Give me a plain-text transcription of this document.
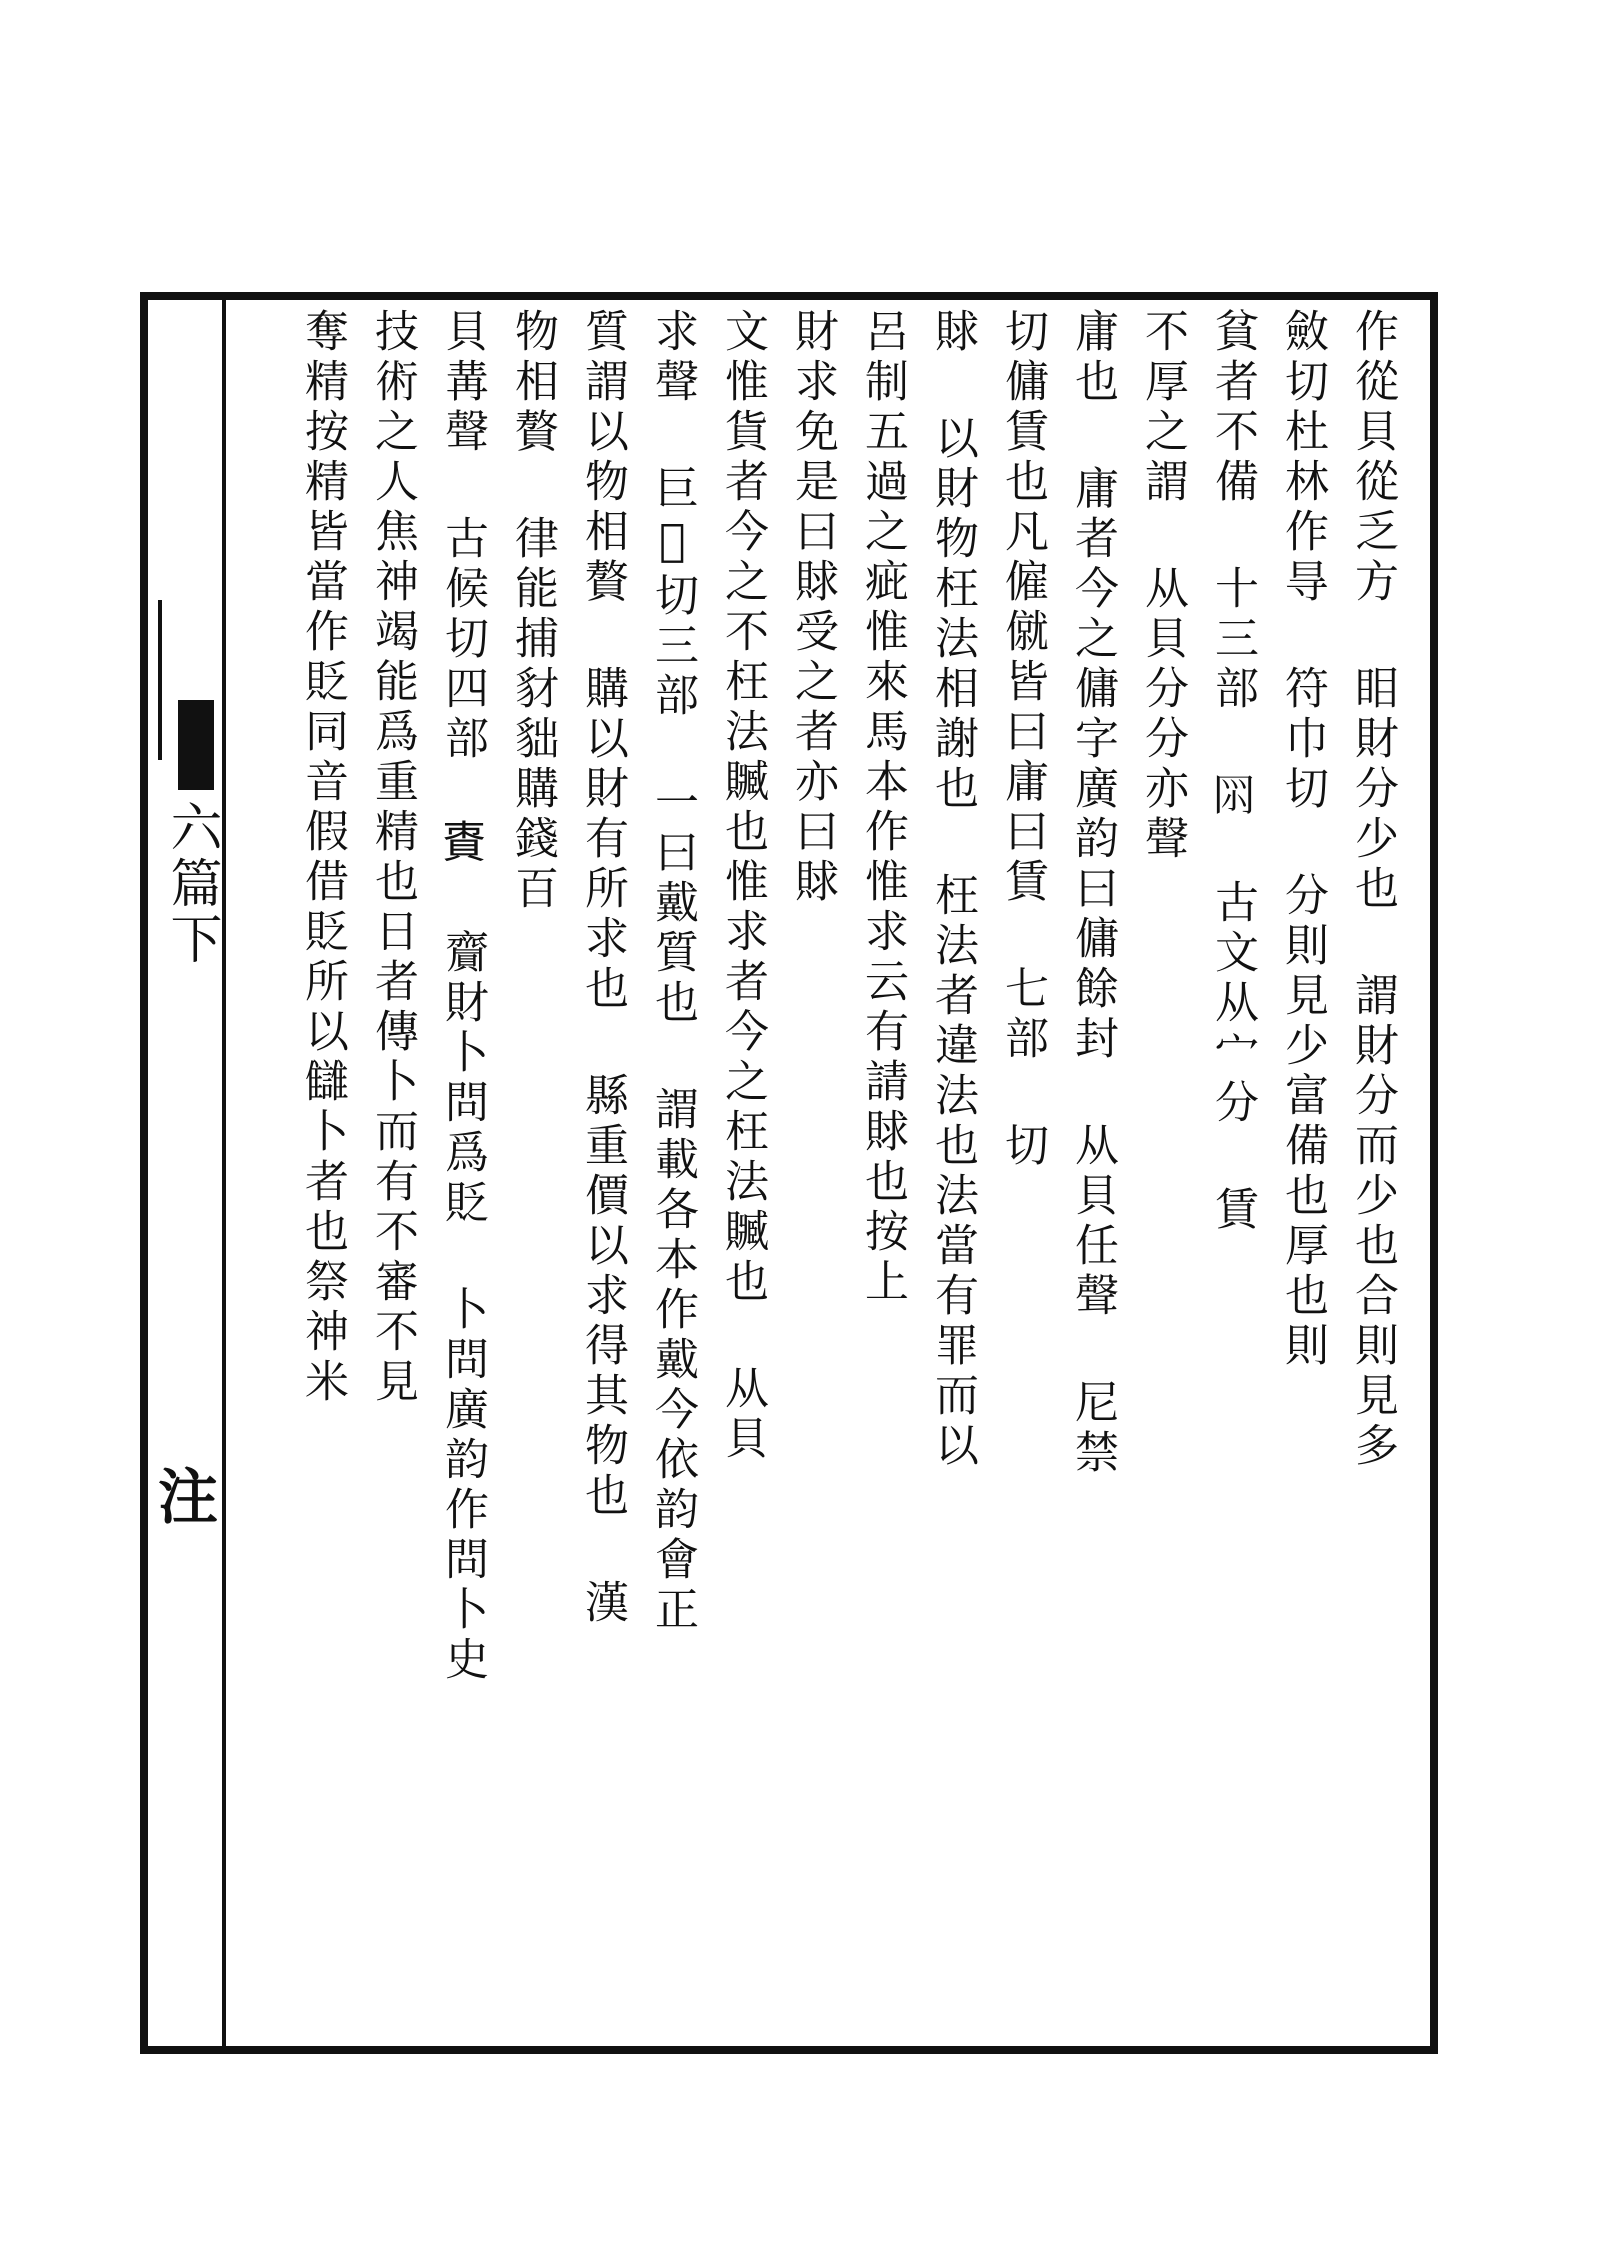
六篇下
注
作從貝從乏方 䀠財分少也 謂財分而少也合則見多
斂切杜林作㝵 符巾切 分則見少富備也厚也則
貧者不備 十三部 𠕘 古文从宀分 賃
不厚之謂 从貝分分亦聲
庸也 庸者今之傭字廣韵曰傭餘封 从貝任聲 尼禁
切傭賃也凡僱僦皆曰庸曰賃 七部 切
賕 以財物枉法相謝也 枉法者違法也法當有罪而以
呂制五過之疵惟來馬本作惟求云有請賕也按上
財求免是曰賕受之者亦曰賕
文惟貨者今之不枉法贓也惟求者今之枉法贓也 从貝
求聲 巨𠫤切三部 一曰戴質也 謂載各本作戴今依韵會正
質謂以物相贅 購以財有所求也 縣重價以求得其物也 漢
物相贅 律能捕豺貀購錢百
貝冓聲 古候切四部 𧵩 齎財卜問爲貶 卜問廣韵作問卜史
技術之人焦神竭能爲重精也日者傳卜而有不審不見
奪精按精皆當作貶同音假借貶所以讎卜者也祭神米
